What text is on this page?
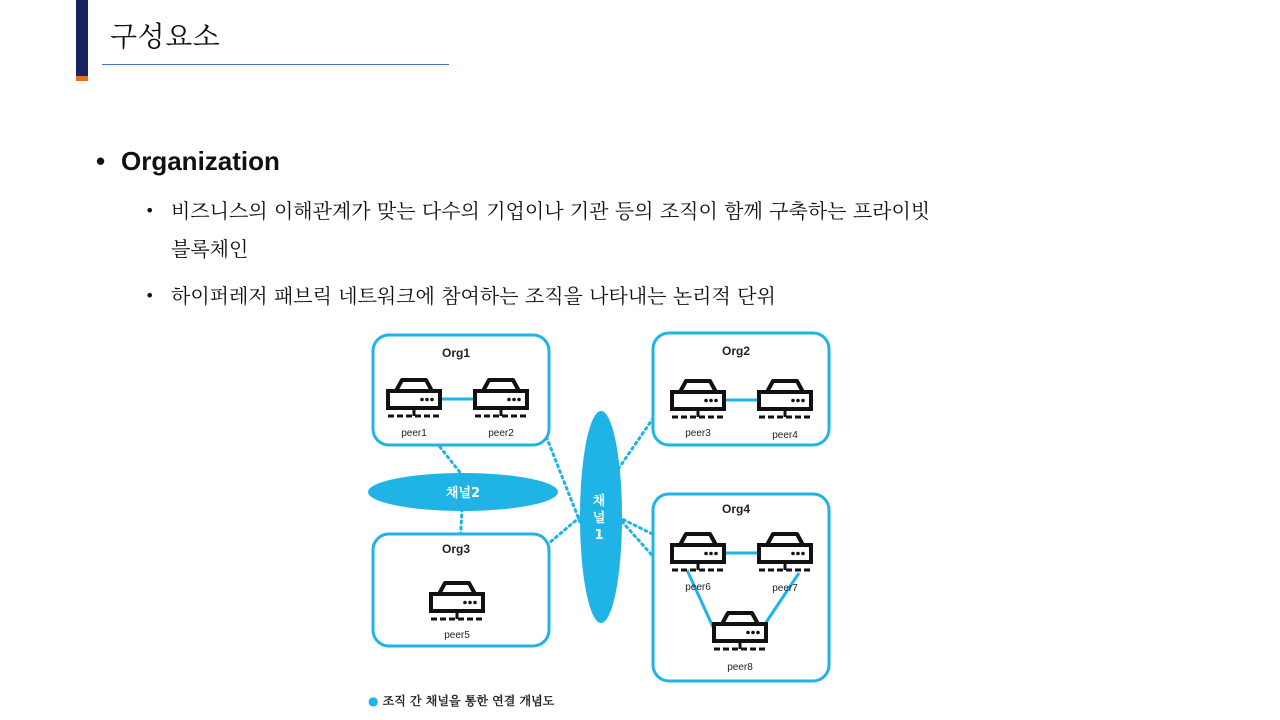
구성요소
• Organization
• 비즈니스의 이해관계가 맞는 다수의 기업이나 기관 등의 조직이 함께 구축하는 프라이빗
블록체인
• 하이퍼레저 패브릭 네트워크에 참여하는 조직을 나타내는 논리적 단위
채널2
채
널
1
Org1	Org2
Org3
Org4
peer1	peer2	peer3	peer4
peer5
peer6	peer7
peer8
● 조직 간 채널을 통한 연결 개념도
